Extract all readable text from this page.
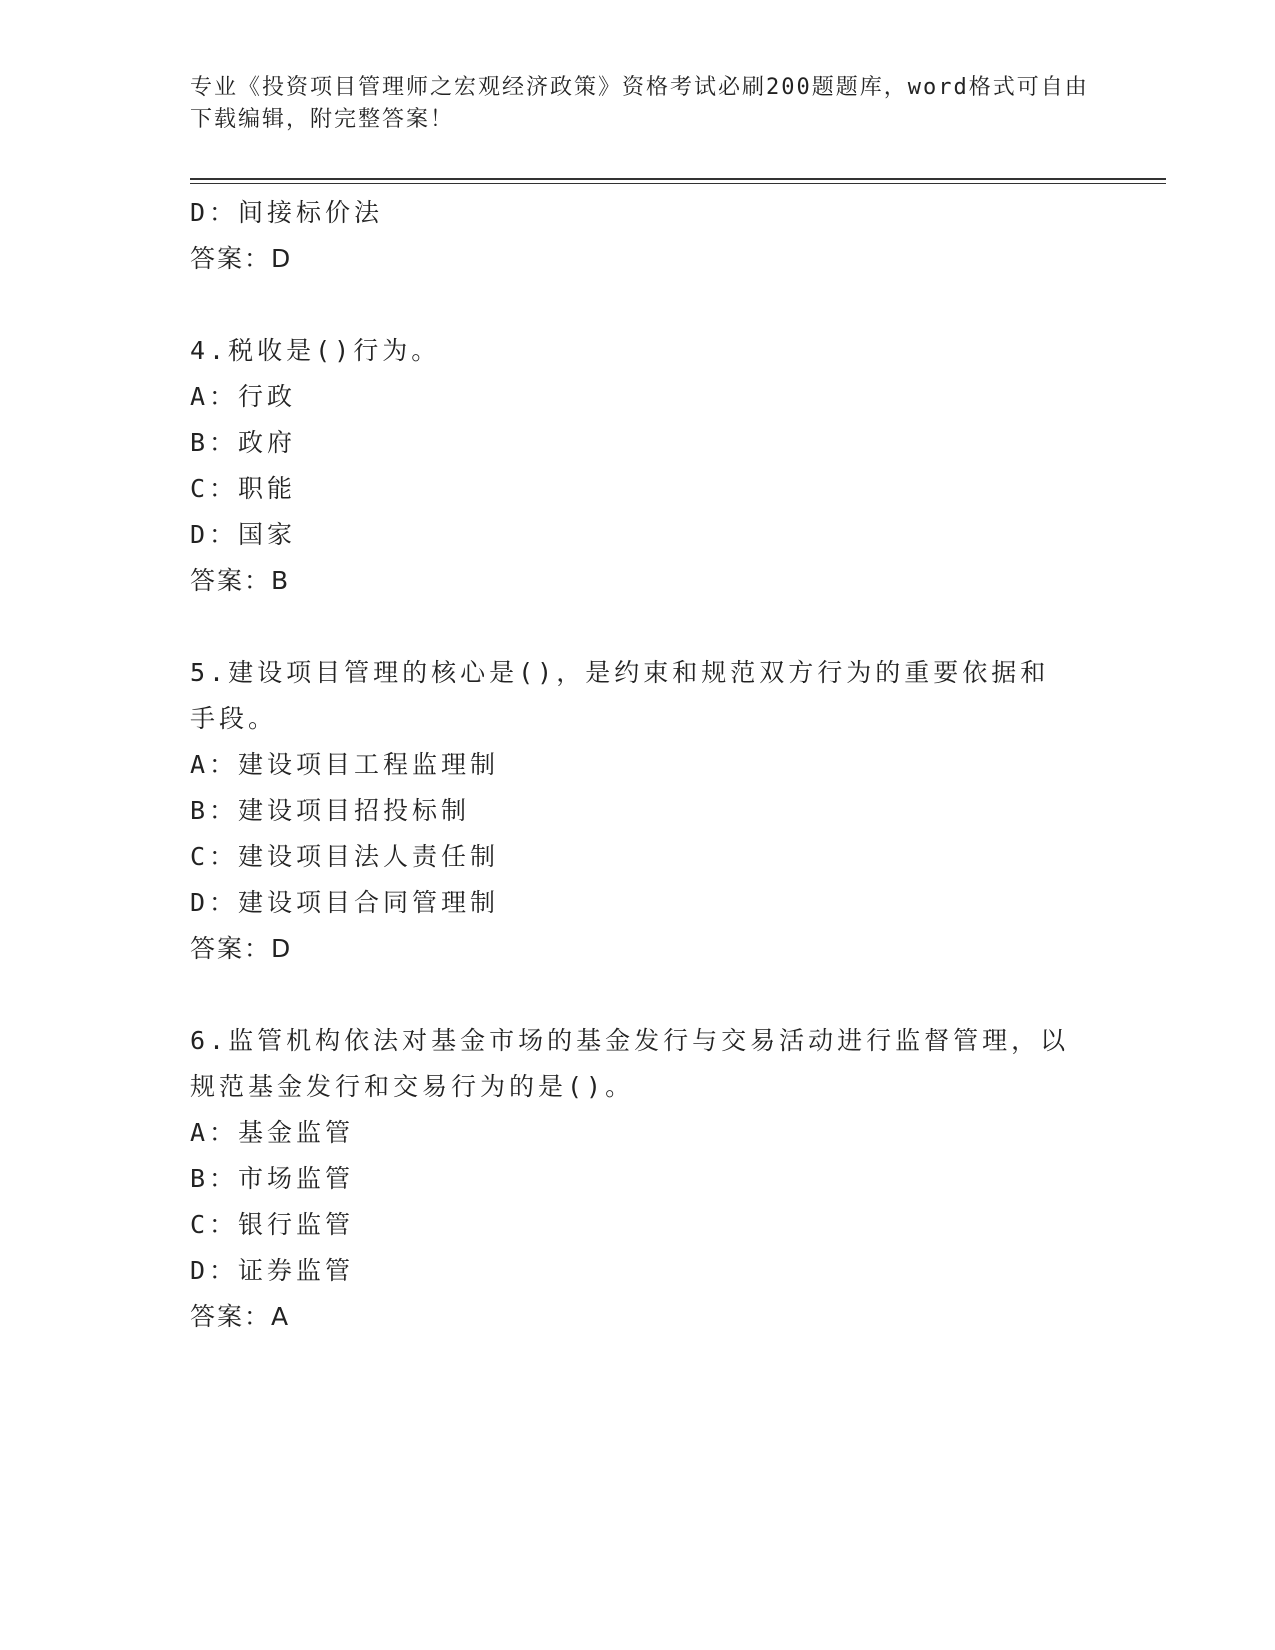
专业《投资项目管理师之宏观经济政策》资格考试必刷200题题库，word格式可自由下载编辑，附完整答案！
D：间接标价法
答案：D
4.税收是()行为。
A：行政
B：政府
C：职能
D：国家
答案：B
5.建设项目管理的核心是()，是约束和规范双方行为的重要依据和手段。
A：建设项目工程监理制
B：建设项目招投标制
C：建设项目法人责任制
D：建设项目合同管理制
答案：D
6.监管机构依法对基金市场的基金发行与交易活动进行监督管理，以规范基金发行和交易行为的是()。
A：基金监管
B：市场监管
C：银行监管
D：证券监管
答案：A
